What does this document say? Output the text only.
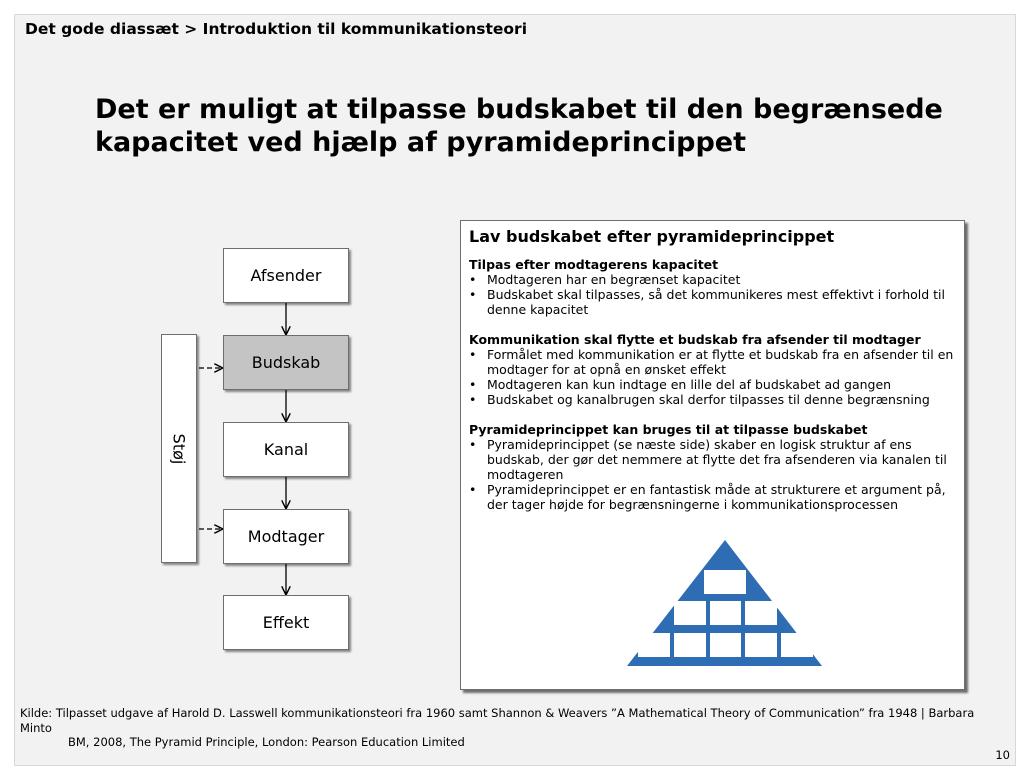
Det gode diassæt > Introduktion til kommunikationsteori
Det er muligt at tilpasse budskabet til den begrænsede kapacitet ved hjælp af pyramideprincippet
Afsender
Budskab
Kanal
Modtager
Effekt
Støj
Lav budskabet efter pyramideprincippet
Tilpas efter modtagerens kapacitet
• Modtageren har en begrænset kapacitet
• Budskabet skal tilpasses, så det kommunikeres mest effektivt i forhold til denne kapacitet
Kommunikation skal flytte et budskab fra afsender til modtager
• Formålet med kommunikation er at flytte et budskab fra en afsender til en modtager for at opnå en ønsket effekt
• Modtageren kan kun indtage en lille del af budskabet ad gangen
• Budskabet og kanalbrugen skal derfor tilpasses til denne begrænsning
Pyramideprincippet kan bruges til at tilpasse budskabet
• Pyramideprincippet (se næste side) skaber en logisk struktur af ens budskab, der gør det nemmere at flytte det fra afsenderen via kanalen til modtageren
• Pyramideprincippet er en fantastisk måde at strukturere et argument på, der tager højde for begrænsningerne i kommunikationsprocessen
Kilde: Tilpasset udgave af Harold D. Lasswell kommunikationsteori fra 1960 samt Shannon & Weavers ”A Mathematical Theory of Communication” fra 1948 | Barbara Minto
BM, 2008, The Pyramid Principle, London: Pearson Education Limited
10
